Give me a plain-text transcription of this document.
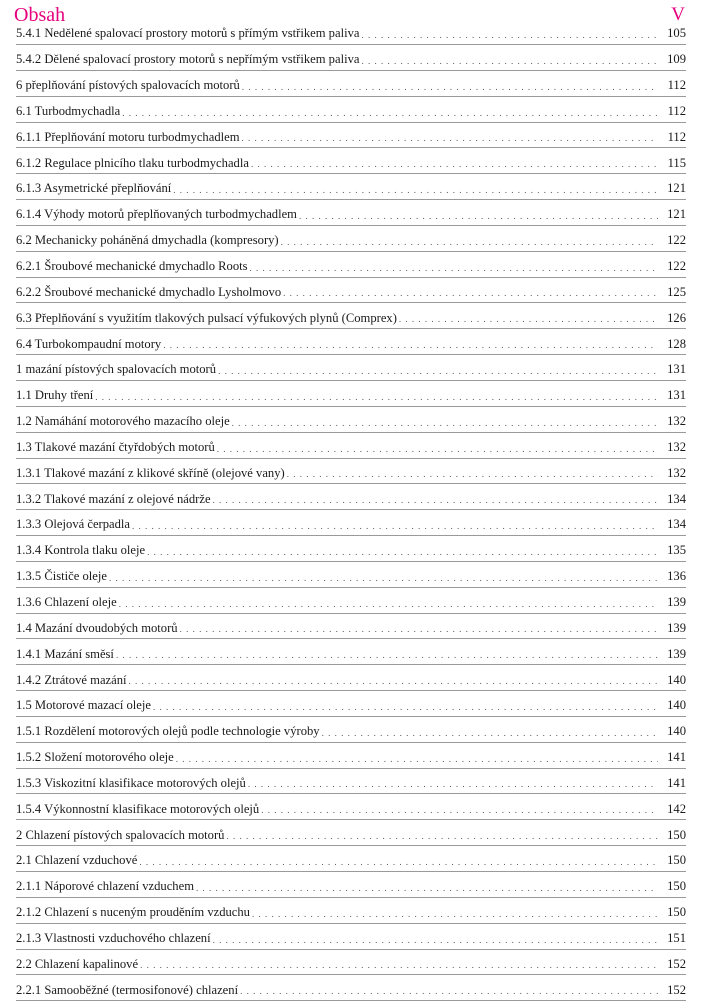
Obsah	V
5.4.1 Nedělené spalovací prostory motorů s přímým vstřikem paliva . . .	105
5.4.2 Dělené spalovací prostory motorů s nepřímým vstřikem paliva . . .	109
6 přeplňování pístových spalovacích motorů . . .	112
6.1 Turbodmychadla . . .	112
6.1.1 Přeplňování motoru turbodmychadlem . . .	112
6.1.2 Regulace plnicího tlaku turbodmychadla . . .	115
6.1.3 Asymetrické přeplňování . . .	121
6.1.4 Výhody motorů přeplňovaných turbodmychadlem . . .	121
6.2 Mechanicky poháněná dmychadla (kompresory) . . .	122
6.2.1 Šroubové mechanické dmychadlo Roots . . .	122
6.2.2 Šroubové mechanické dmychadlo Lysholmovo . . .	125
6.3 Přeplňování s využitím tlakových pulsací výfukových plynů (Comprex) . . .	126
6.4 Turbokompaudní motory . . .	128
1 mazání pístových spalovacích motorů . . .	131
1.1 Druhy tření . . .	131
1.2 Namáhání motorového mazacího oleje . . .	132
1.3 Tlakové mazání čtyřdobých motorů . . .	132
1.3.1 Tlakové mazání z klikové skříně (olejové vany) . . .	132
1.3.2 Tlakové mazání z olejové nádrže . . .	134
1.3.3 Olejová čerpadla . . .	134
1.3.4 Kontrola tlaku oleje . . .	135
1.3.5 Čističe oleje . . .	136
1.3.6 Chlazení oleje . . .	139
1.4 Mazání dvoudobých motorů . . .	139
1.4.1 Mazání směsí . . .	139
1.4.2 Ztrátové mazání . . .	140
1.5 Motorové mazací oleje . . .	140
1.5.1 Rozdělení motorových olejů podle technologie výroby . . .	140
1.5.2 Složení motorového oleje . . .	141
1.5.3 Viskozitní klasifikace motorových olejů . . .	141
1.5.4 Výkonnostní klasifikace motorových olejů . . .	142
2 Chlazení pístových spalovacích motorů . . .	150
2.1 Chlazení vzduchové . . .	150
2.1.1 Náporové chlazení vzduchem . . .	150
2.1.2 Chlazení s nuceným prouděním vzduchu . . .	150
2.1.3 Vlastnosti vzduchového chlazení . . .	151
2.2 Chlazení kapalinové . . .	152
2.2.1 Samooběžné (termosifonové) chlazení . . .	152
